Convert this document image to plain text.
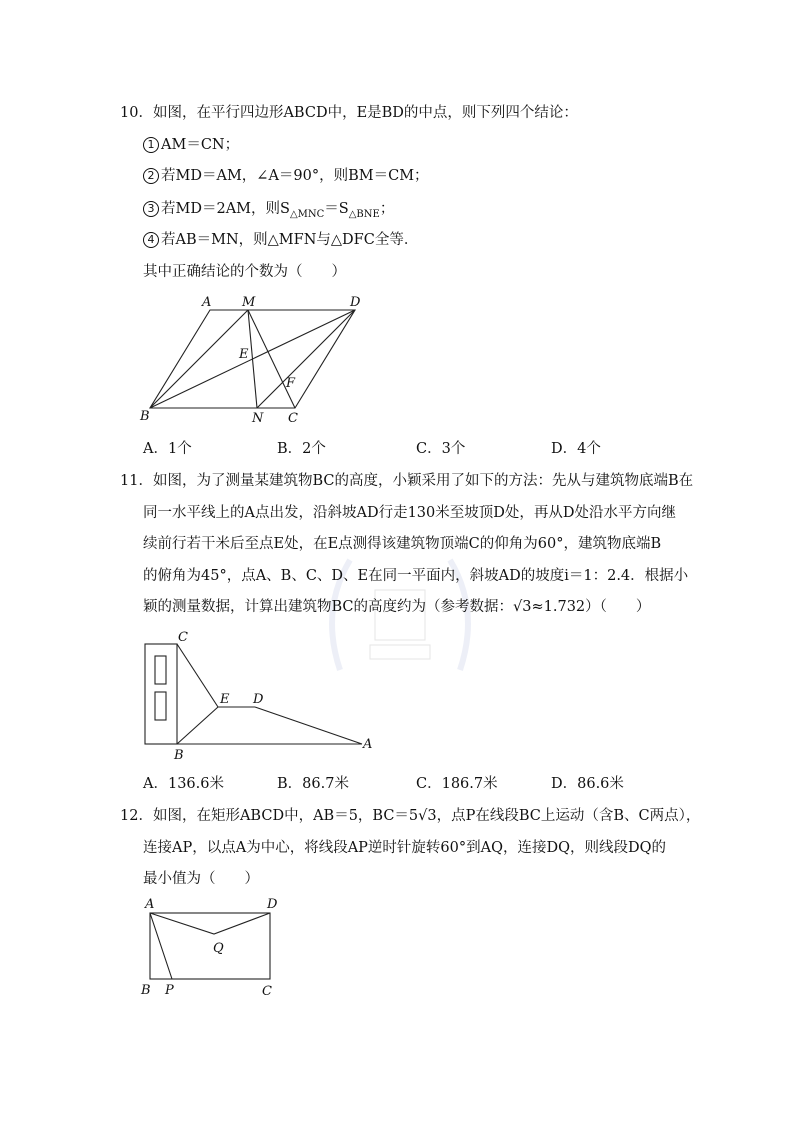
10．如图，在平行四边形ABCD中，E是BD的中点，则下列四个结论：
1 AM＝CN；
2 若MD＝AM，∠A＝90°，则BM＝CM；
3 若MD＝2AM，则$S_{\triangle MNC}=S_{\triangle BNE}$；
4 若AB＝MN，则△MFN与△DFC全等．
其中正确结论的个数为（　　）
A M	D
E
F
B	N C
A．1个	B．2个	C．3个	D．4个
11．如图，为了测量某建筑物BC的高度，小颖采用了如下的方法：先从与建筑物底端B在
同一水平线上的A点出发，沿斜坡AD行走130米至坡顶D处，再从D处沿水平方向继
续前行若干米后至点E处，在E点测得该建筑物顶端C的仰角为60°，建筑物底端B
的俯角为45°，点A、B、C、D、E在同一平面内，斜坡AD的坡度i＝1：2.4．根据小
颖的测量数据，计算出建筑物BC的高度约为（参考数据：√3≈1.732）（　　）
C
E D
B
A
A．136.6米	B．86.7米	C．186.7米	D．86.6米
12．如图，在矩形ABCD中，AB＝5，BC＝5√3，点P在线段BC上运动（含B、C两点），
连接AP，以点A为中心，将线段AP逆时针旋转60°到AQ，连接DQ，则线段DQ的
最小值为（　　）
A	D
Q
B P	C
